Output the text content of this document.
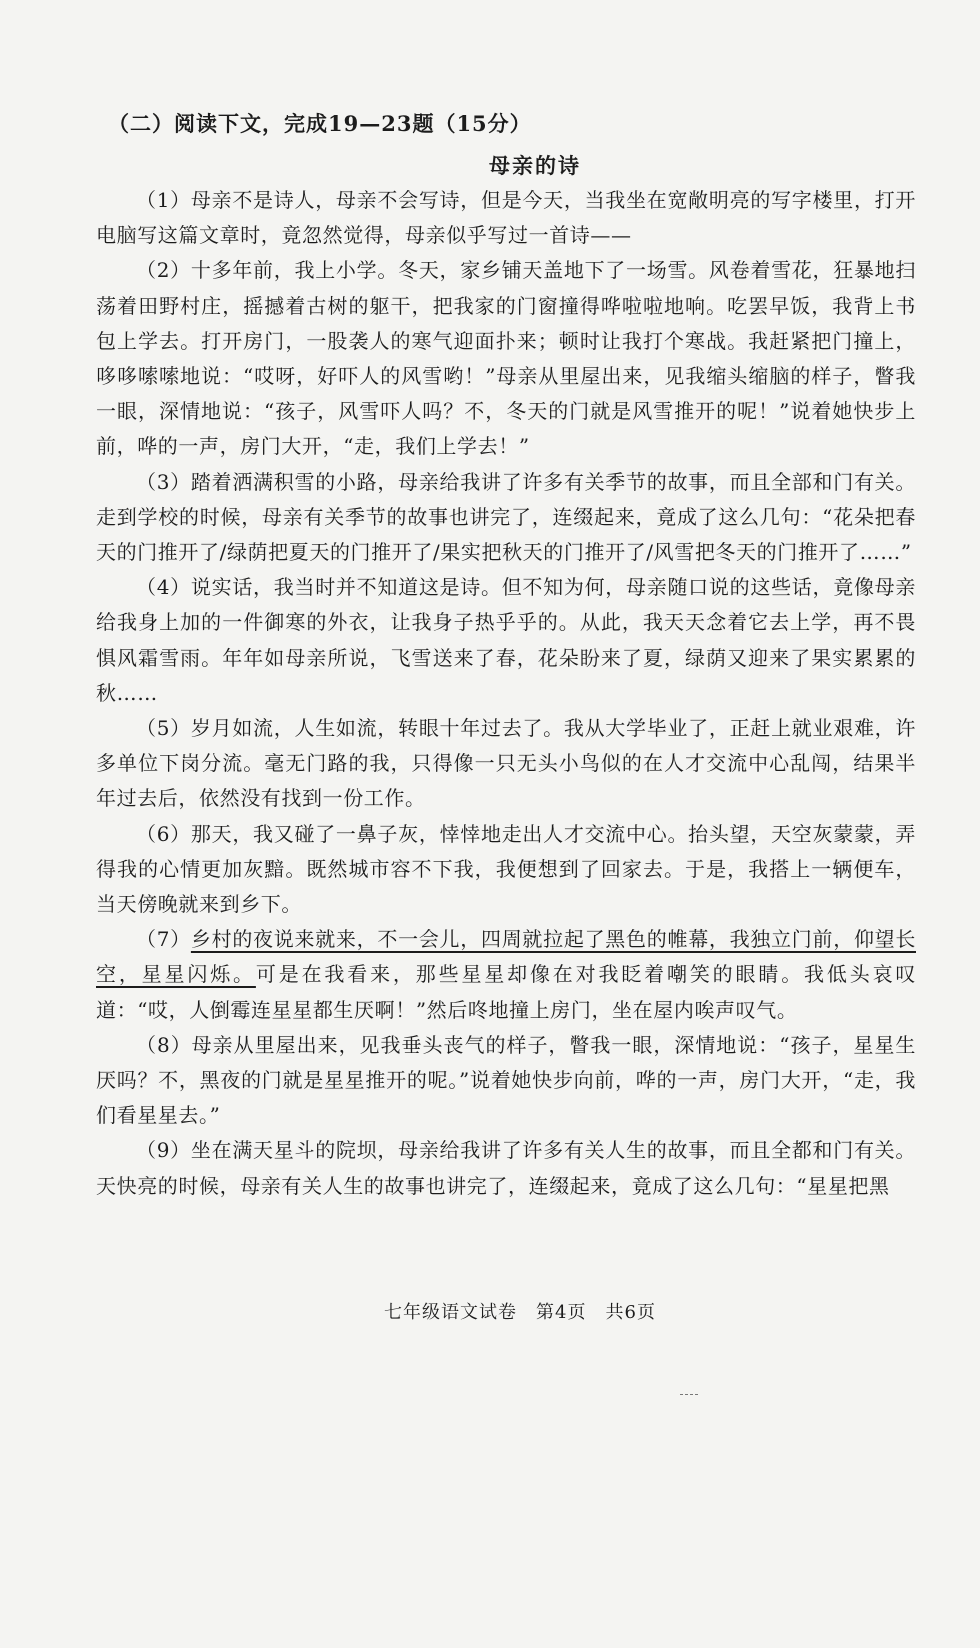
（二）阅读下文，完成19—23题（15分）
母亲的诗

（1）母亲不是诗人，母亲不会写诗，但是今天，当我坐在宽敞明亮的写字楼里，打开电脑写这篇文章时，竟忽然觉得，母亲似乎写过一首诗——

（2）十多年前，我上小学。冬天，家乡铺天盖地下了一场雪。风卷着雪花，狂暴地扫荡着田野村庄，摇撼着古树的躯干，把我家的门窗撞得哗啦啦地响。吃罢早饭，我背上书包上学去。打开房门，一股袭人的寒气迎面扑来；顿时让我打个寒战。我赶紧把门撞上，哆哆嗦嗦地说：“哎呀，好吓人的风雪哟！”母亲从里屋出来，见我缩头缩脑的样子，瞥我一眼，深情地说：“孩子，风雪吓人吗？不，冬天的门就是风雪推开的呢！”说着她快步上前，哗的一声，房门大开，“走，我们上学去！”

（3）踏着洒满积雪的小路，母亲给我讲了许多有关季节的故事，而且全部和门有关。走到学校的时候，母亲有关季节的故事也讲完了，连缀起来，竟成了这么几句：“花朵把春天的门推开了/绿荫把夏天的门推开了/果实把秋天的门推开了/风雪把冬天的门推开了……”

（4）说实话，我当时并不知道这是诗。但不知为何，母亲随口说的这些话，竟像母亲给我身上加的一件御寒的外衣，让我身子热乎乎的。从此，我天天念着它去上学，再不畏惧风霜雪雨。年年如母亲所说，飞雪送来了春，花朵盼来了夏，绿荫又迎来了果实累累的秋……

（5）岁月如流，人生如流，转眼十年过去了。我从大学毕业了，正赶上就业艰难，许多单位下岗分流。毫无门路的我，只得像一只无头小鸟似的在人才交流中心乱闯，结果半年过去后，依然没有找到一份工作。

（6）那天，我又碰了一鼻子灰，悻悻地走出人才交流中心。抬头望，天空灰蒙蒙，弄得我的心情更加灰黯。既然城市容不下我，我便想到了回家去。于是，我搭上一辆便车，当天傍晚就来到乡下。

（7）乡村的夜说来就来，不一会儿，四周就拉起了黑色的帷幕，我独立门前，仰望长空，星星闪烁。可是在我看来，那些星星却像在对我眨着嘲笑的眼睛。我低头哀叹道：“哎，人倒霉连星星都生厌啊！”然后咚地撞上房门，坐在屋内唉声叹气。

（8）母亲从里屋出来，见我垂头丧气的样子，瞥我一眼，深情地说：“孩子，星星生厌吗？不，黑夜的门就是星星推开的呢。”说着她快步向前，哗的一声，房门大开，“走，我们看星星去。”

（9）坐在满天星斗的院坝，母亲给我讲了许多有关人生的故事，而且全都和门有关。天快亮的时候，母亲有关人生的故事也讲完了，连缀起来，竟成了这么几句：“星星把黑

七年级语文试卷　第4页　共6页
